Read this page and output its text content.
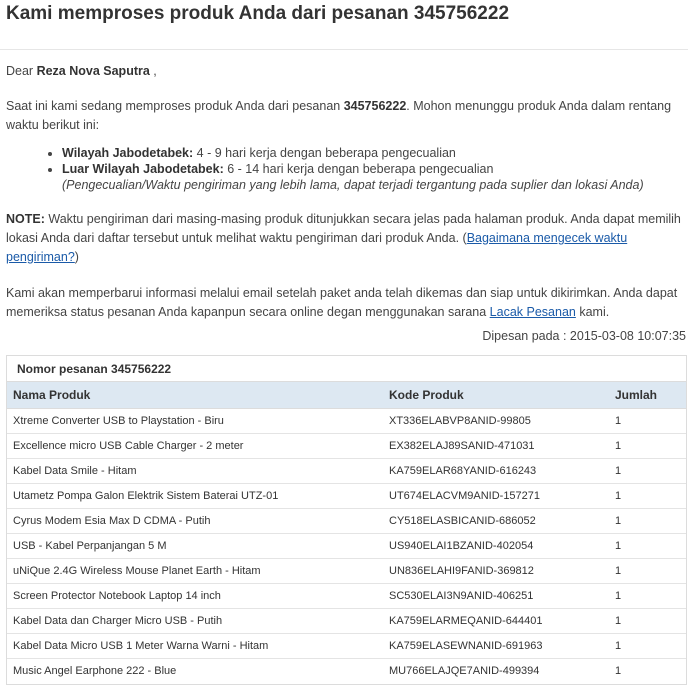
Kami memproses produk Anda dari pesanan 345756222

Dear Reza Nova Saputra ,

Saat ini kami sedang memproses produk Anda dari pesanan 345756222. Mohon menunggu produk Anda dalam rentang waktu berikut ini:

• Wilayah Jabodetabek: 4 - 9 hari kerja dengan beberapa pengecualian
• Luar Wilayah Jabodetabek: 6 - 14 hari kerja dengan beberapa pengecualian
(Pengecualian/Waktu pengiriman yang lebih lama, dapat terjadi tergantung pada suplier dan lokasi Anda)

NOTE: Waktu pengiriman dari masing-masing produk ditunjukkan secara jelas pada halaman produk. Anda dapat memilih lokasi Anda dari daftar tersebut untuk melihat waktu pengiriman dari produk Anda. (Bagaimana mengecek waktu pengiriman?)

Kami akan memperbarui informasi melalui email setelah paket anda telah dikemas dan siap untuk dikirimkan. Anda dapat memeriksa status pesanan Anda kapanpun secara online degan menggunakan sarana Lacak Pesanan kami.

Dipesan pada : 2015-03-08 10:07:35

Nomor pesanan 345756222
Nama Produk	Kode Produk	Jumlah
Xtreme Converter USB to Playstation - Biru	XT336ELABVP8ANID-99805	1
Excellence micro USB Cable Charger - 2 meter	EX382ELAJ89SANID-471031	1
Kabel Data Smile - Hitam	KA759ELAR68YANID-616243	1
Utametz Pompa Galon Elektrik Sistem Baterai UTZ-01	UT674ELACVM9ANID-157271	1
Cyrus Modem Esia Max D CDMA - Putih	CY518ELASBICANID-686052	1
USB - Kabel Perpanjangan 5 M	US940ELAI1BZANID-402054	1
uNiQue 2.4G Wireless Mouse Planet Earth - Hitam	UN836ELAHI9FANID-369812	1
Screen Protector Notebook Laptop 14 inch	SC530ELAI3N9ANID-406251	1
Kabel Data dan Charger Micro USB - Putih	KA759ELARMEQANID-644401	1
Kabel Data Micro USB 1 Meter Warna Warni - Hitam	KA759ELASEWNANID-691963	1
Music Angel Earphone 222 - Blue	MU766ELAJQE7ANID-499394	1
